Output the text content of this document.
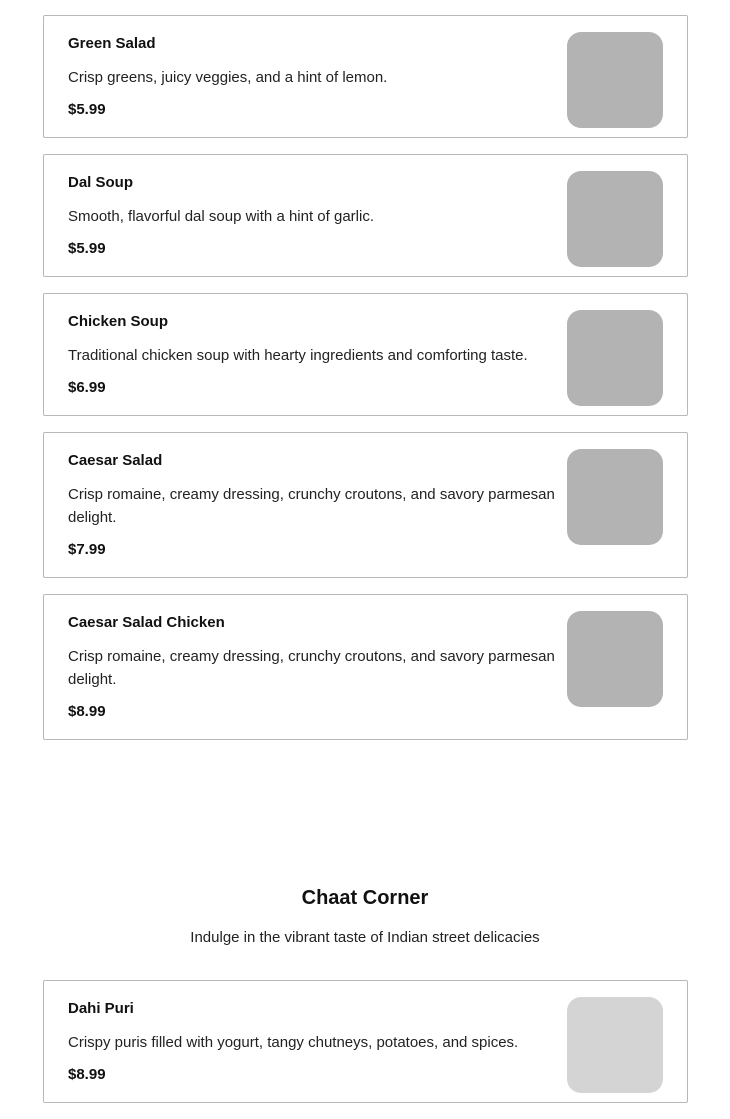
Green Salad
Crisp greens, juicy veggies, and a hint of lemon.
$5.99
Dal Soup
Smooth, flavorful dal soup with a hint of garlic.
$5.99
Chicken Soup
Traditional chicken soup with hearty ingredients and comforting taste.
$6.99
Caesar Salad
Crisp romaine, creamy dressing, crunchy croutons, and savory parmesan delight.
$7.99
Caesar Salad Chicken
Crisp romaine, creamy dressing, crunchy croutons, and savory parmesan delight.
$8.99
Chaat Corner
Indulge in the vibrant taste of Indian street delicacies
Dahi Puri
Crispy puris filled with yogurt, tangy chutneys, potatoes, and spices.
$8.99
